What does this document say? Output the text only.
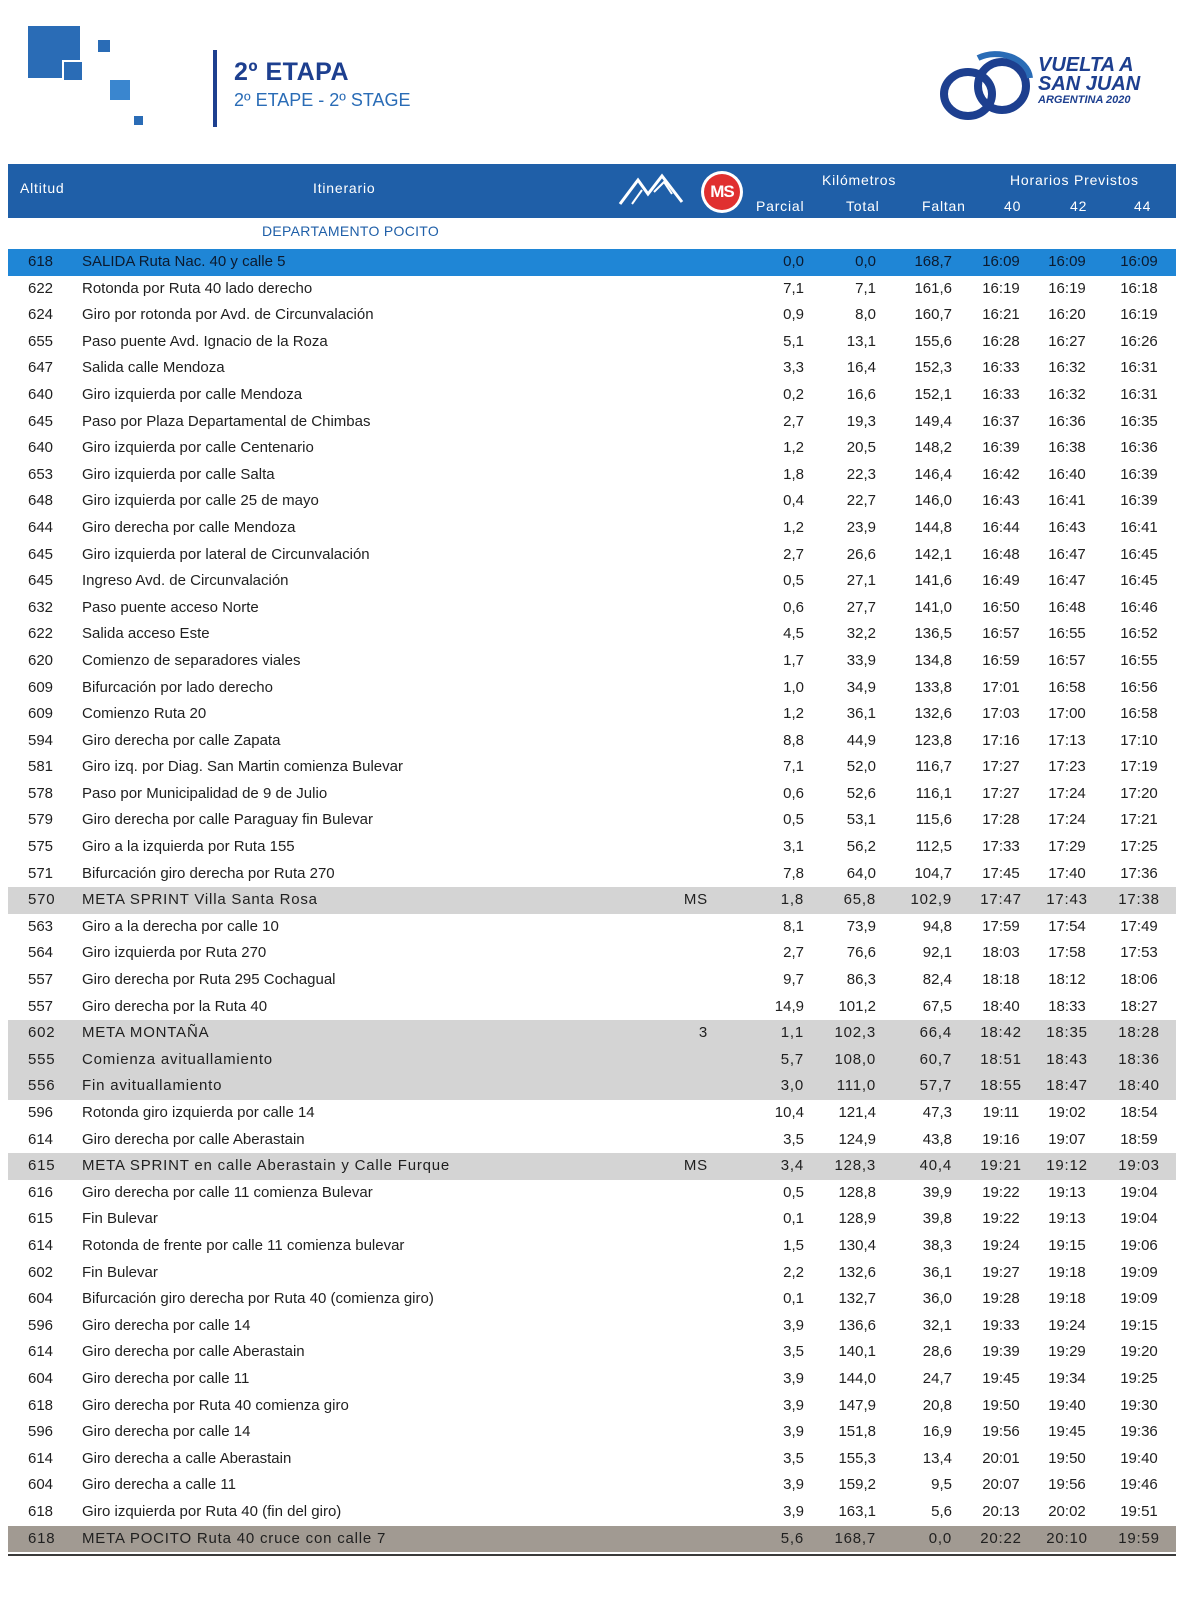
2º ETAPA
2º ETAPE - 2º STAGE
VUELTA A
SAN JUAN
ARGENTINA 2020
Altitud	Itinerario	MS
Kilómetros	Horarios Previstos
Parcial	Total	Faltan	40	42	44
DEPARTAMENTO POCITO
618 SALIDA Ruta Nac. 40 y calle 5	0,0	0,0	168,7	16:09	16:09	16:09
622 Rotonda por Ruta 40 lado derecho	7,1	7,1	161,6	16:19	16:19	16:18
624 Giro por rotonda por Avd. de Circunvalación	0,9	8,0	160,7	16:21	16:20	16:19
655 Paso puente Avd. Ignacio de la Roza	5,1	13,1	155,6	16:28	16:27	16:26
647 Salida calle Mendoza	3,3	16,4	152,3	16:33	16:32	16:31
640 Giro izquierda por calle Mendoza	0,2	16,6	152,1	16:33	16:32	16:31
645 Paso por Plaza Departamental de Chimbas	2,7	19,3	149,4	16:37	16:36	16:35
640 Giro izquierda por calle Centenario	1,2	20,5	148,2	16:39	16:38	16:36
653 Giro izquierda por calle Salta	1,8	22,3	146,4	16:42	16:40	16:39
648 Giro izquierda por calle 25 de mayo	0,4	22,7	146,0	16:43	16:41	16:39
644 Giro derecha por calle Mendoza	1,2	23,9	144,8	16:44	16:43	16:41
645 Giro izquierda por lateral de Circunvalación	2,7	26,6	142,1	16:48	16:47	16:45
645 Ingreso Avd. de Circunvalación	0,5	27,1	141,6	16:49	16:47	16:45
632 Paso puente acceso Norte	0,6	27,7	141,0	16:50	16:48	16:46
622 Salida acceso Este	4,5	32,2	136,5	16:57	16:55	16:52
620 Comienzo de separadores viales	1,7	33,9	134,8	16:59	16:57	16:55
609 Bifurcación por lado derecho	1,0	34,9	133,8	17:01	16:58	16:56
609 Comienzo Ruta 20	1,2	36,1	132,6	17:03	17:00	16:58
594 Giro derecha por calle Zapata	8,8	44,9	123,8	17:16	17:13	17:10
581 Giro izq. por Diag. San Martin comienza Bulevar	7,1	52,0	116,7	17:27	17:23	17:19
578 Paso por Municipalidad de 9 de Julio	0,6	52,6	116,1	17:27	17:24	17:20
579 Giro derecha por calle Paraguay fin Bulevar	0,5	53,1	115,6	17:28	17:24	17:21
575 Giro a la izquierda por Ruta 155	3,1	56,2	112,5	17:33	17:29	17:25
571 Bifurcación giro derecha por Ruta 270	7,8	64,0	104,7	17:45	17:40	17:36
570 META SPRINT Villa Santa Rosa	MS	1,8	65,8	102,9 17:47 17:43	17:38
563 Giro a la derecha por calle 10	8,1	73,9	94,8	17:59	17:54	17:49
564 Giro izquierda por Ruta 270	2,7	76,6	92,1	18:03	17:58	17:53
557 Giro derecha por Ruta 295 Cochagual	9,7	86,3	82,4	18:18	18:12	18:06
557 Giro derecha por la Ruta 40	14,9	101,2	67,5	18:40	18:33	18:27
602 META MONTAÑA	3	1,1	102,3	66,4 18:42 18:35	18:28
555 Comienza avituallamiento	5,7	108,0	60,7 18:51 18:43	18:36
556 Fin avituallamiento	3,0	111,0	57,7 18:55 18:47	18:40
596 Rotonda giro izquierda por calle 14	10,4	121,4	47,3	19:11	19:02	18:54
614 Giro derecha por calle Aberastain	3,5	124,9	43,8	19:16	19:07	18:59
615 META SPRINT en calle Aberastain y Calle Furque	MS	3,4	128,3	40,4 19:21 19:12	19:03
616 Giro derecha por calle 11 comienza Bulevar	0,5	128,8	39,9	19:22	19:13	19:04
615 Fin Bulevar	0,1	128,9	39,8	19:22	19:13	19:04
614 Rotonda de frente por calle 11 comienza bulevar	1,5	130,4	38,3	19:24	19:15	19:06
602 Fin Bulevar	2,2	132,6	36,1	19:27	19:18	19:09
604 Bifurcación giro derecha por Ruta 40 (comienza giro)	0,1	132,7	36,0	19:28	19:18	19:09
596 Giro derecha por calle 14	3,9	136,6	32,1	19:33	19:24	19:15
614 Giro derecha por calle Aberastain	3,5	140,1	28,6	19:39	19:29	19:20
604 Giro derecha por calle 11	3,9	144,0	24,7	19:45	19:34	19:25
618 Giro derecha por Ruta 40 comienza giro	3,9	147,9	20,8	19:50	19:40	19:30
596 Giro derecha por calle 14	3,9	151,8	16,9	19:56	19:45	19:36
614 Giro derecha a calle Aberastain	3,5	155,3	13,4	20:01	19:50	19:40
604 Giro derecha a calle 11	3,9	159,2	9,5	20:07	19:56	19:46
618 Giro izquierda por Ruta 40 (fin del giro)	3,9	163,1	5,6	20:13	20:02	19:51
618 META POCITO Ruta 40 cruce con calle 7	5,6	168,7	0,0 20:22 20:10	19:59
